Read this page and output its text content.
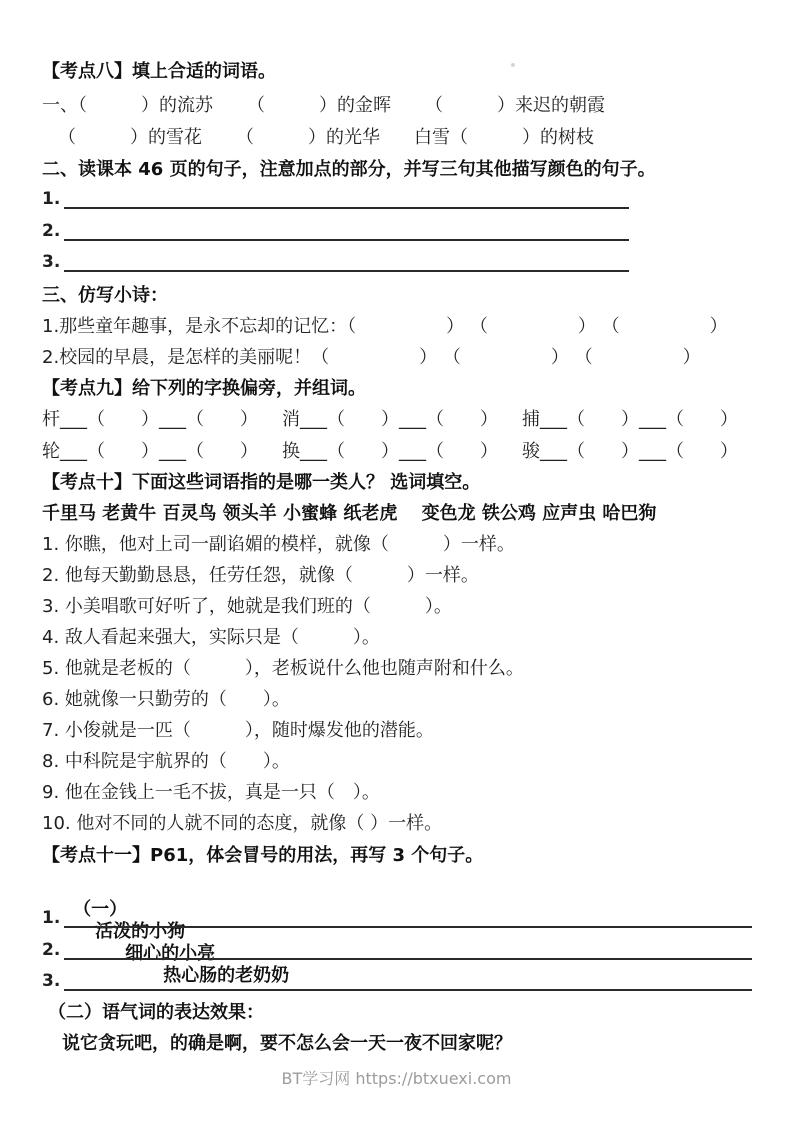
【考点八】填上合适的词语。
一、（　　　）的流苏 （　　　）的金晖 （　　　）来迟的朝霞
（　　　）的雪花 （　　　）的光华 白雪（　　　）的树枝
二、读课本 46 页的句子，注意加点的部分，并写三句其他描写颜色的句子。
1.
2.
3.
三、仿写小诗：
1.那些童年趣事，是永不忘却的记忆：（　　　　　） （　　　　　） （　　　　　）
2.校园的早晨，是怎样的美丽呢！（　　　　　） （　　　　　） （　　　　　）
【考点九】给下列的字换偏旁，并组词。
杆___（　　）___（　　） 消___（　　）___（　　） 捕___（　　）___（　　）
轮___（　　）___（　　） 换___（　　）___（　　） 骏___（　　）___（　　）
【考点十】下面这些词语指的是哪一类人？ 选词填空。
千里马 老黄牛 百灵鸟 领头羊 小蜜蜂 纸老虎　 变色龙 铁公鸡 应声虫 哈巴狗
1. 你瞧，他对上司一副谄媚的模样，就像（　　　）一样。
2. 他每天勤勤恳恳，任劳任怨，就像（　　　）一样。
3. 小美唱歌可好听了，她就是我们班的（　　　）。
4. 敌人看起来强大，实际只是（　　　）。
5. 他就是老板的（　　　），老板说什么他也随声附和什么。
6. 她就像一只勤劳的（　　）。
7. 小俊就是一匹（　　　），随时爆发他的潜能。
8. 中科院是宇航界的（　　）。
9. 他在金钱上一毛不拔，真是一只（　）。
10. 他对不同的人就不同的态度，就像（ ）一样。
【考点十一】P61，体会冒号的用法，再写 3 个句子。

（一）
活泼的小狗
细心的小亮
热心肠的老奶奶

1.
2.
3.
（二）语气词的表达效果：
说它贪玩吧，的确是啊，要不怎么会一天一夜不回家呢？
BT学习网 https://btxuexi.com
